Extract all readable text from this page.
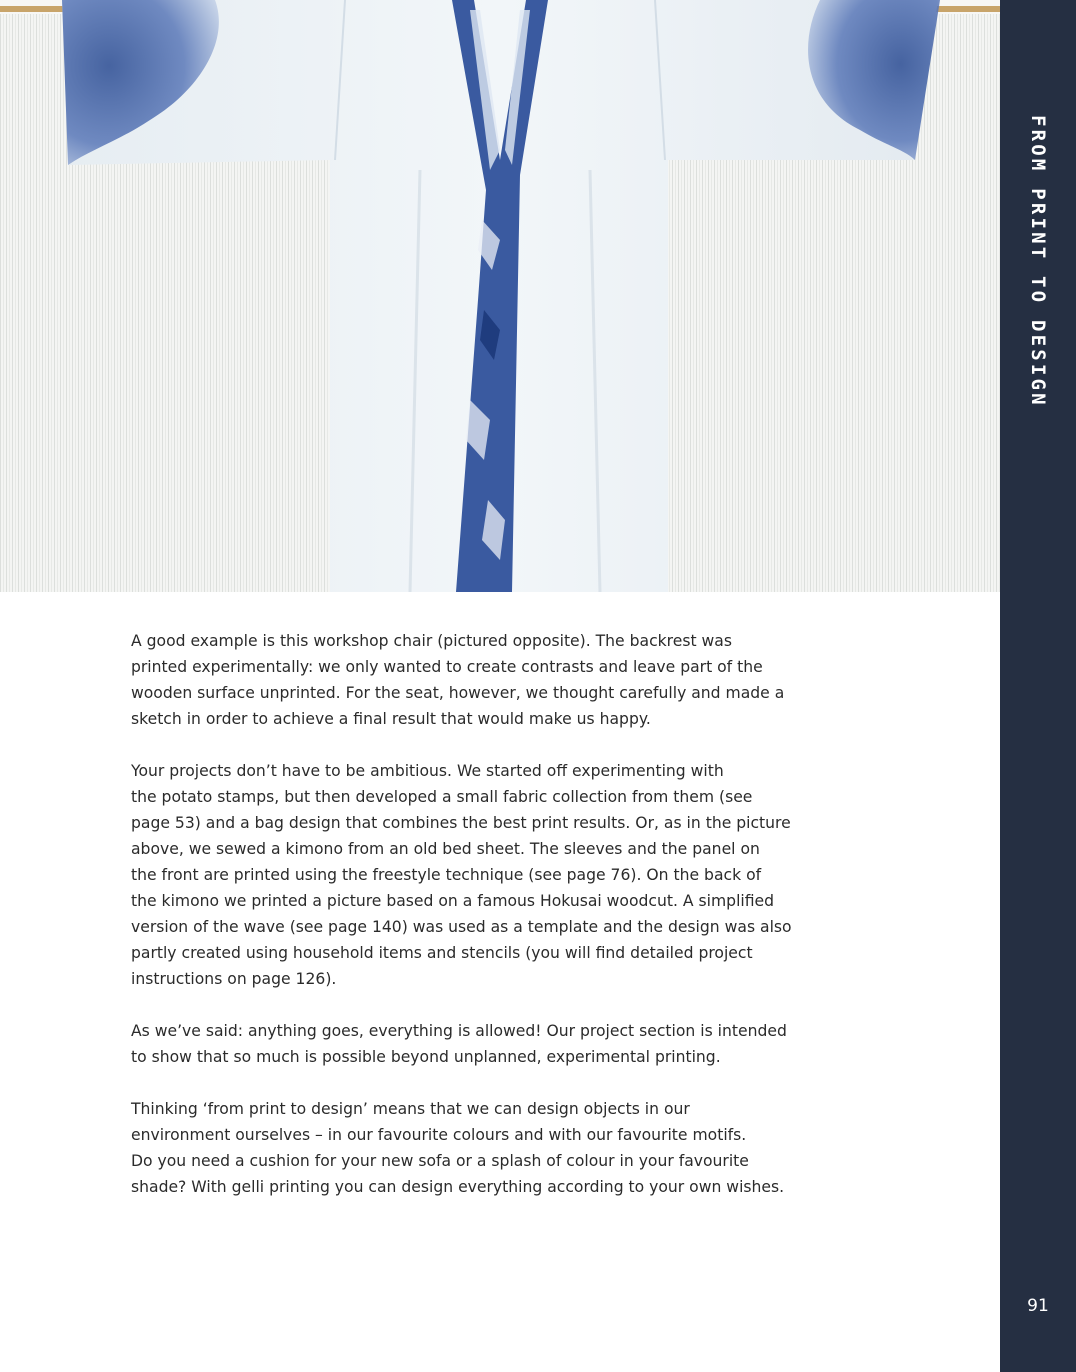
FROM PRINT TO DESIGN
91

A good example is this workshop chair (pictured opposite). The backrest was
printed experimentally: we only wanted to create contrasts and leave part of the
wooden surface unprinted. For the seat, however, we thought carefully and made a
sketch in order to achieve a final result that would make us happy.

Your projects don’t have to be ambitious. We started off experimenting with
the potato stamps, but then developed a small fabric collection from them (see
page 53) and a bag design that combines the best print results. Or, as in the picture
above, we sewed a kimono from an old bed sheet. The sleeves and the panel on
the front are printed using the freestyle technique (see page 76). On the back of
the kimono we printed a picture based on a famous Hokusai woodcut. A simplified
version of the wave (see page 140) was used as a template and the design was also
partly created using household items and stencils (you will find detailed project
instructions on page 126).

As we’ve said: anything goes, everything is allowed! Our project section is intended
to show that so much is possible beyond unplanned, experimental printing.

Thinking ‘from print to design’ means that we can design objects in our
environment ourselves – in our favourite colours and with our favourite motifs.
Do you need a cushion for your new sofa or a splash of colour in your favourite
shade? With gelli printing you can design everything according to your own wishes.
